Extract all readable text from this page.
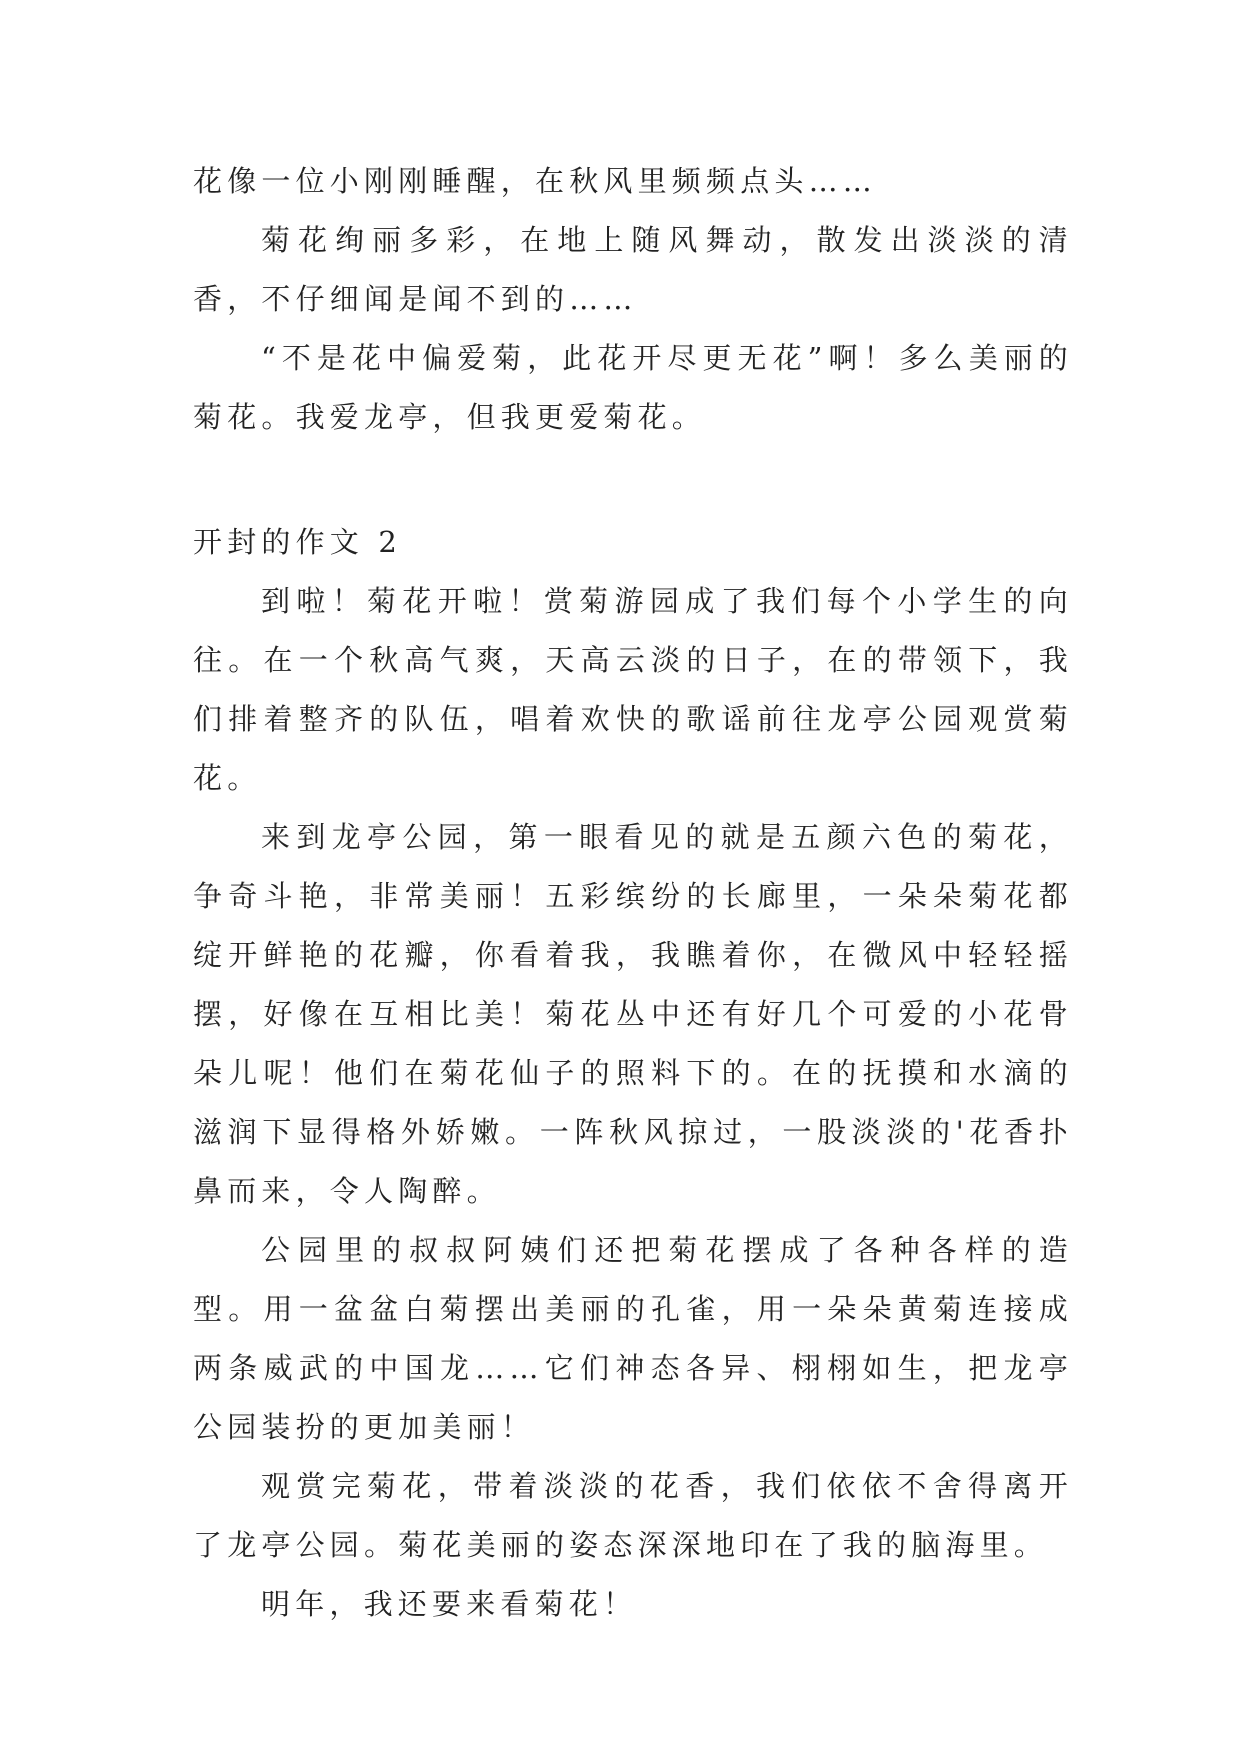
花像一位小刚刚睡醒，在秋风里频频点头……

菊花绚丽多彩，在地上随风舞动，散发出淡淡的清香，不仔细闻是闻不到的……

“不是花中偏爱菊，此花开尽更无花”啊！多么美丽的菊花。我爱龙亭，但我更爱菊花。

开封的作文 2

到啦！菊花开啦！赏菊游园成了我们每个小学生的向往。在一个秋高气爽，天高云淡的日子，在的带领下，我们排着整齐的队伍，唱着欢快的歌谣前往龙亭公园观赏菊花。

来到龙亭公园，第一眼看见的就是五颜六色的菊花，争奇斗艳，非常美丽！五彩缤纷的长廊里，一朵朵菊花都绽开鲜艳的花瓣，你看着我，我瞧着你，在微风中轻轻摇摆，好像在互相比美！菊花丛中还有好几个可爱的小花骨朵儿呢！他们在菊花仙子的照料下的。在的抚摸和水滴的滋润下显得格外娇嫩。一阵秋风掠过，一股淡淡的'花香扑鼻而来，令人陶醉。

公园里的叔叔阿姨们还把菊花摆成了各种各样的造型。用一盆盆白菊摆出美丽的孔雀，用一朵朵黄菊连接成两条威武的中国龙……它们神态各异、栩栩如生，把龙亭公园装扮的更加美丽！

观赏完菊花，带着淡淡的花香，我们依依不舍得离开了龙亭公园。菊花美丽的姿态深深地印在了我的脑海里。

明年，我还要来看菊花！
